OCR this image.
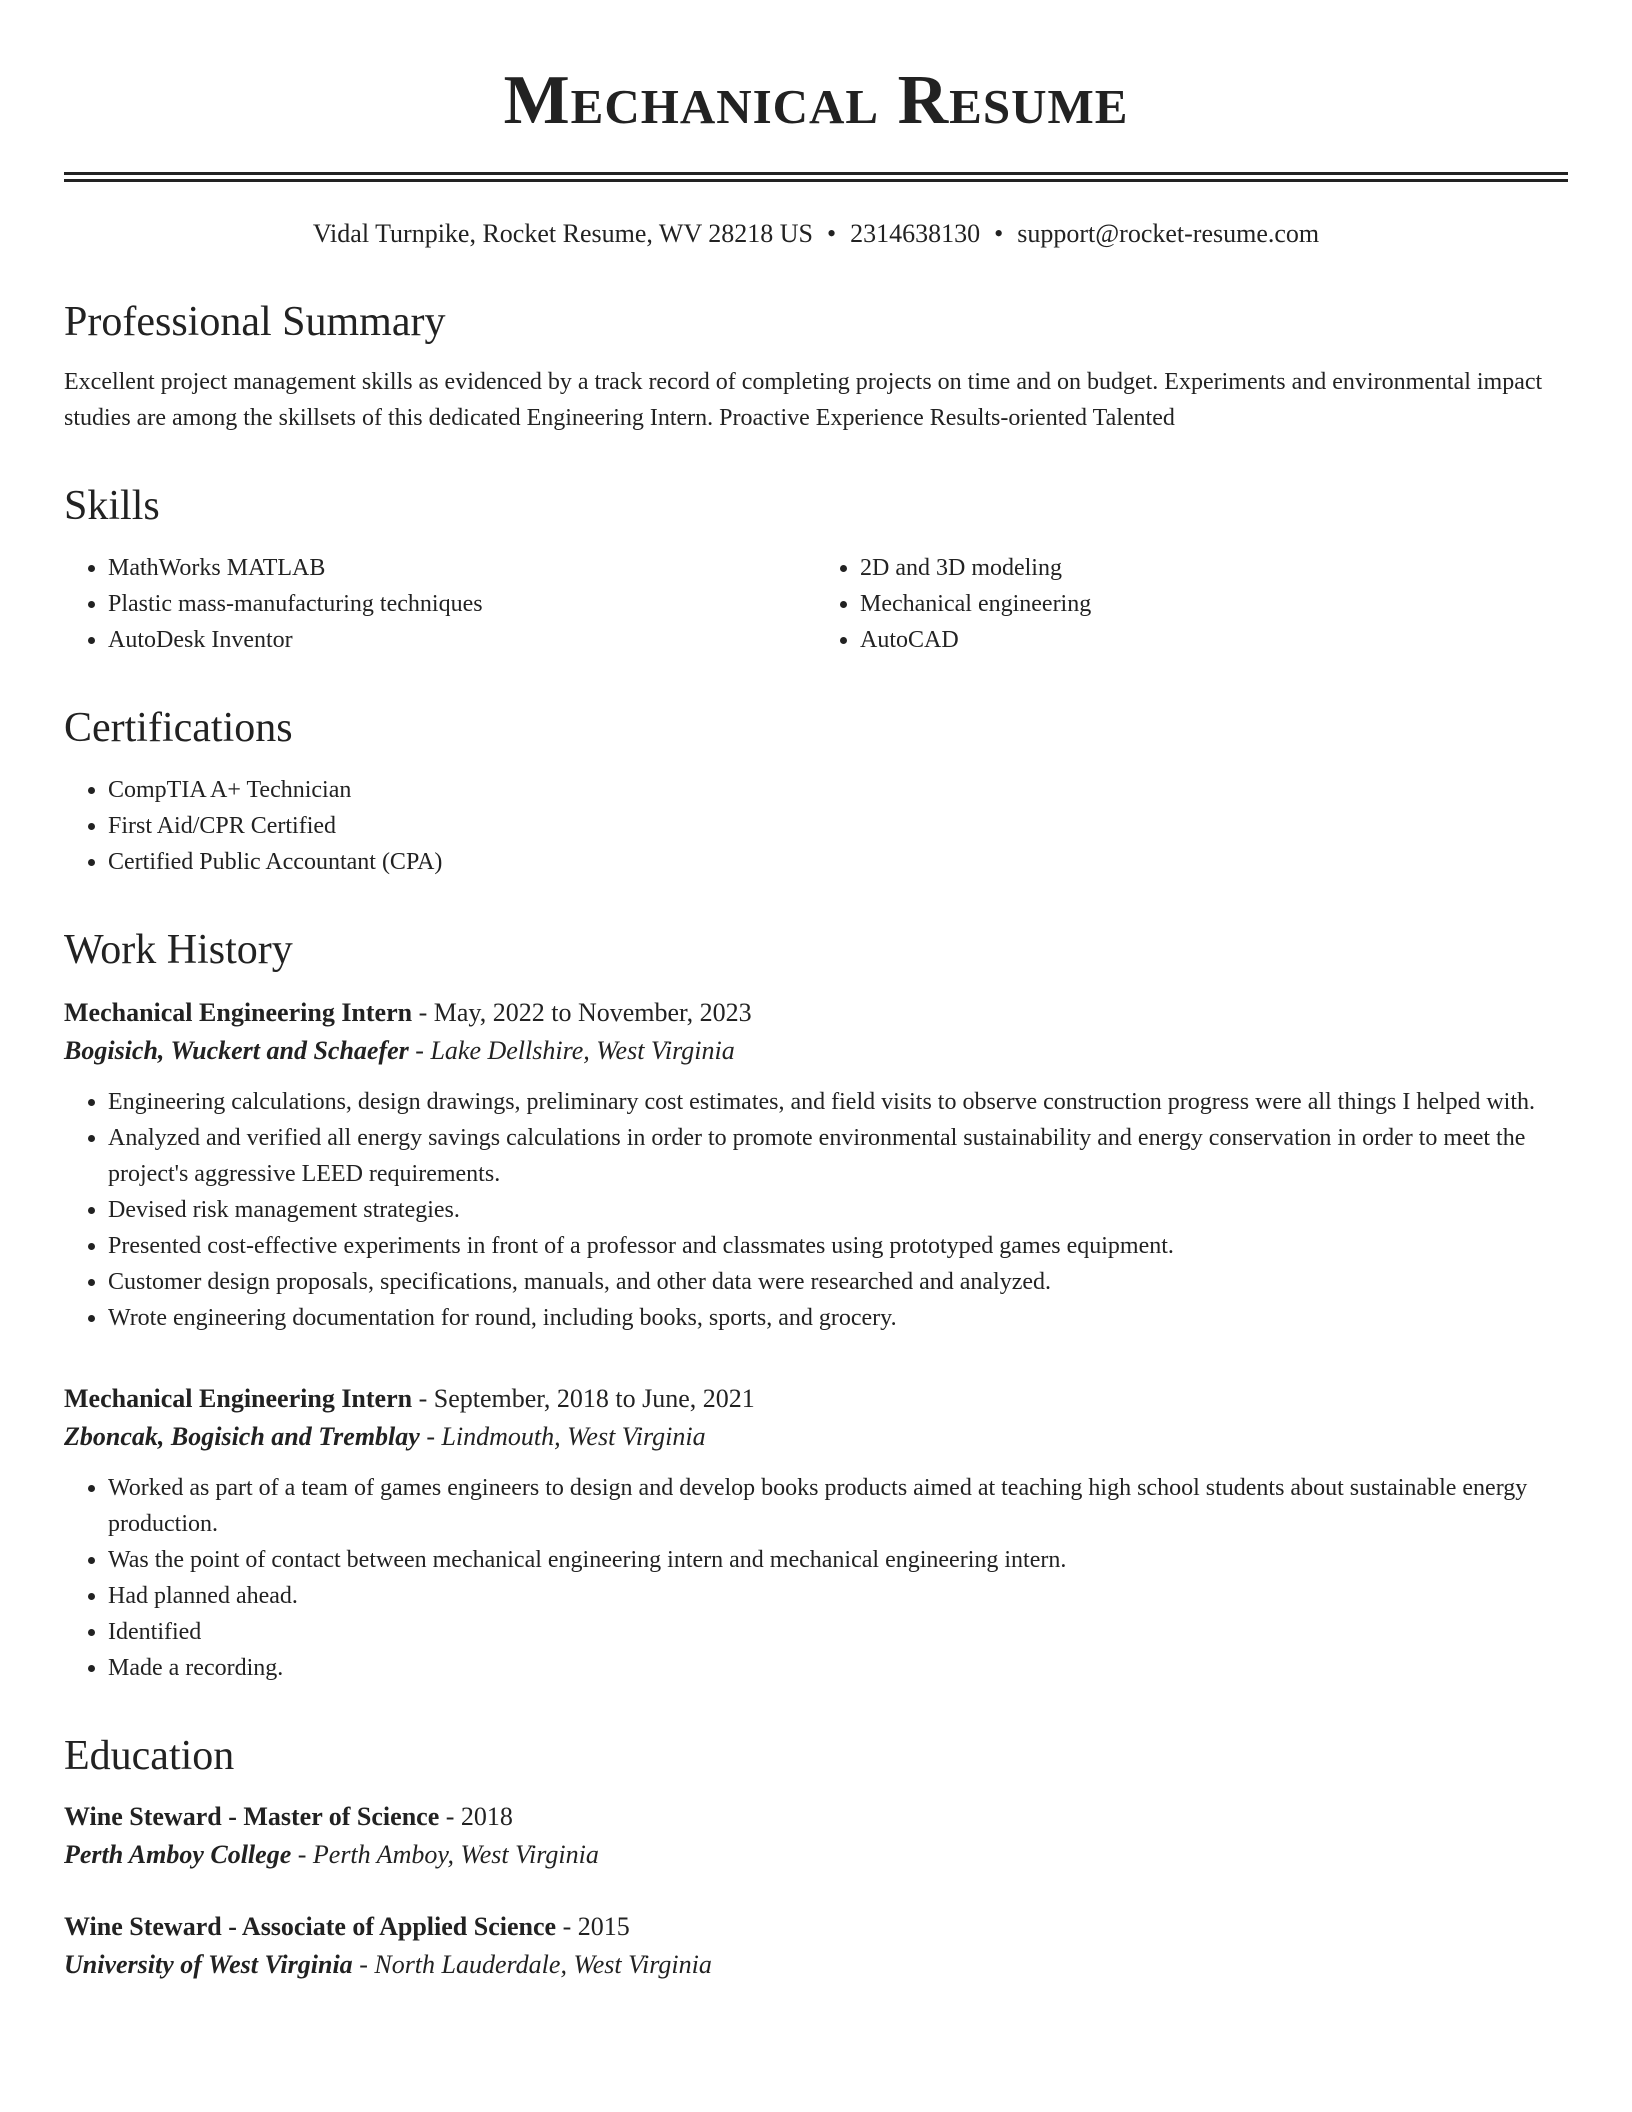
Mechanical Resume
Vidal Turnpike, Rocket Resume, WV 28218 US • 2314638130 • support@rocket-resume.com
Professional Summary

Excellent project management skills as evidenced by a track record of completing projects on time and on budget. Experiments and environmental impact studies are among the skillsets of this dedicated Engineering Intern. Proactive Experience Results-oriented Talented

Skills
• MathWorks MATLAB
• Plastic mass-manufacturing techniques
• AutoDesk Inventor
• 2D and 3D modeling
• Mechanical engineering
• AutoCAD
Certifications
• CompTIA A+ Technician
• First Aid/CPR Certified
• Certified Public Accountant (CPA)
Work History
Mechanical Engineering Intern - May, 2022 to November, 2023
Bogisich, Wuckert and Schaefer - Lake Dellshire, West Virginia
• Engineering calculations, design drawings, preliminary cost estimates, and field visits to observe construction progress were all things I helped with.
• Analyzed and verified all energy savings calculations in order to promote environmental sustainability and energy conservation in order to meet the project's aggressive LEED requirements.
• Devised risk management strategies.
• Presented cost-effective experiments in front of a professor and classmates using prototyped games equipment.
• Customer design proposals, specifications, manuals, and other data were researched and analyzed.
• Wrote engineering documentation for round, including books, sports, and grocery.
Mechanical Engineering Intern - September, 2018 to June, 2021
Zboncak, Bogisich and Tremblay - Lindmouth, West Virginia
• Worked as part of a team of games engineers to design and develop books products aimed at teaching high school students about sustainable energy production.
• Was the point of contact between mechanical engineering intern and mechanical engineering intern.
• Had planned ahead.
• Identified
• Made a recording.
Education
Wine Steward - Master of Science - 2018
Perth Amboy College - Perth Amboy, West Virginia
Wine Steward - Associate of Applied Science - 2015
University of West Virginia - North Lauderdale, West Virginia
